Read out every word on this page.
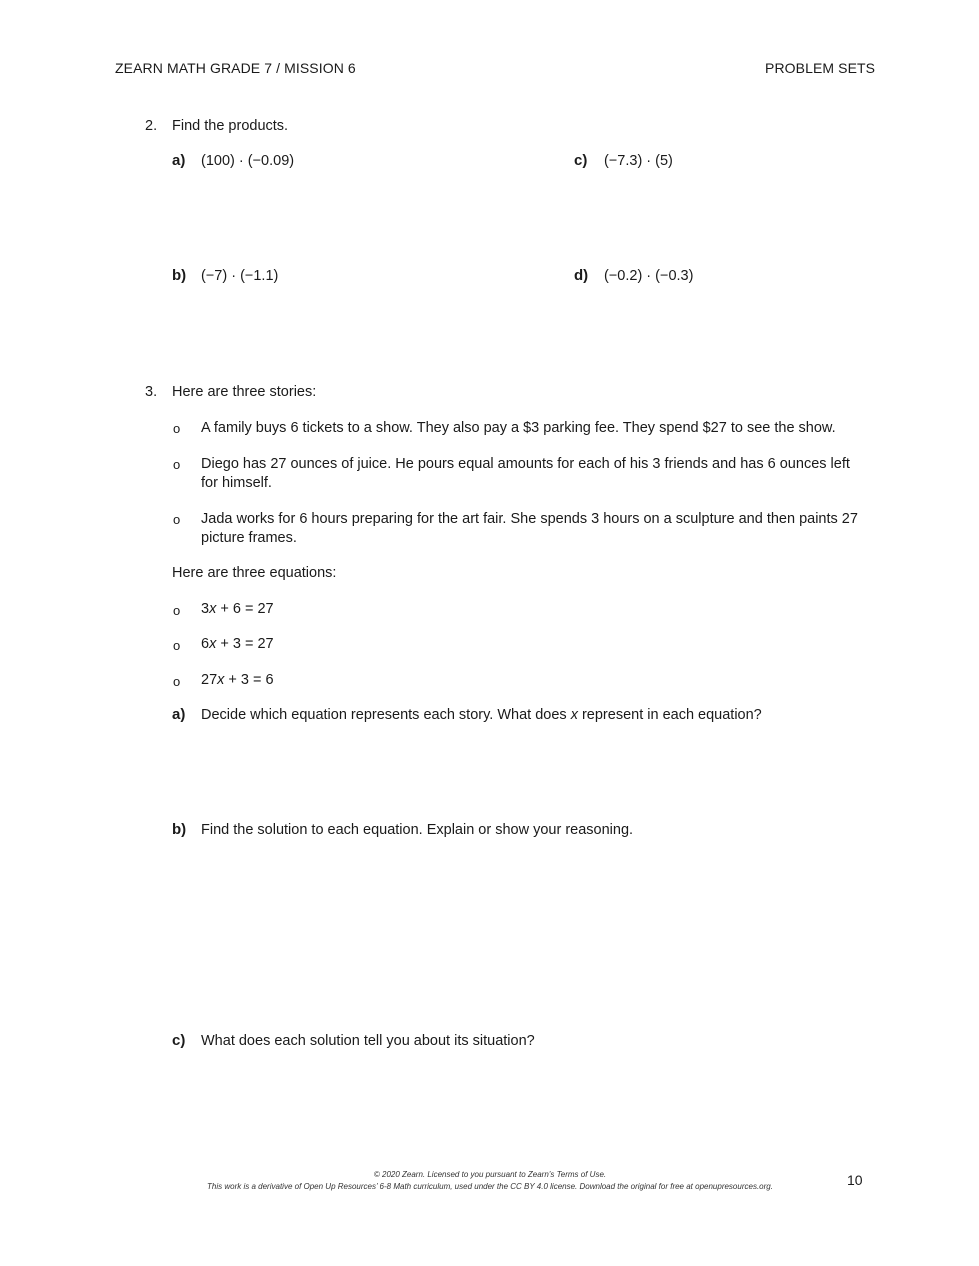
ZEARN MATH GRADE 7 / MISSION 6	PROBLEM SETS
2. Find the products.
a) (100) · (−0.09)	c) (−7.3) · (5)
b) (−7) · (−1.1)	d) (−0.2) · (−0.3)
3. Here are three stories:
o A family buys 6 tickets to a show. They also pay a $3 parking fee. They spend $27 to see the show.
o Diego has 27 ounces of juice. He pours equal amounts for each of his 3 friends and has 6 ounces left for himself.
o Jada works for 6 hours preparing for the art fair. She spends 3 hours on a sculpture and then paints 27 picture frames.
Here are three equations:
o 3x + 6 = 27
o 6x + 3 = 27
o 27x + 3 = 6
a) Decide which equation represents each story. What does x represent in each equation?
b) Find the solution to each equation. Explain or show your reasoning.
c) What does each solution tell you about its situation?
© 2020 Zearn. Licensed to you pursuant to Zearn’s Terms of Use.
This work is a derivative of Open Up Resources’ 6-8 Math curriculum, used under the CC BY 4.0 license. Download the original for free at openupresources.org.	10
